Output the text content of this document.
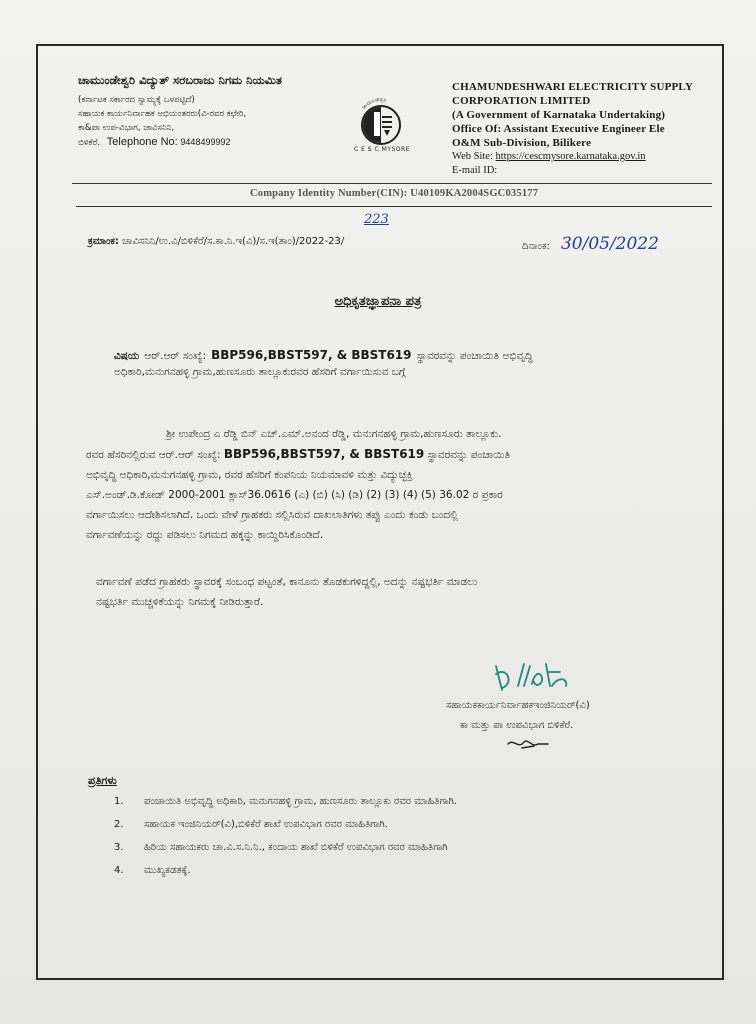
ಚಾಮುಂಡೇಶ್ವರಿ ವಿದ್ಯುತ್ ಸರಬರಾಜು ನಿಗಮ ನಿಯಮಿತ
(ಕರ್ನಾಟಕ ಸರ್ಕಾರದ ಸ್ವಾಮ್ಯಕ್ಕೆ ಒಳಪಟ್ಟಿದೆ)
ಸಹಾಯಕ ಕಾರ್ಯನಿರ್ವಾಹಕ ಅಭಿಯಂತರರು(ವಿ-ರವರ ಕಛೇರಿ,
ಕಾ&ಪಾ ಉಪ-ವಿಭಾಗ, ಚಾವಿಸನಿನಿ,
ಬಿಳಿಕೆರೆ. Telephone No: 9448499992
ಚಾಮುಂಡೇಶ್ವರಿ
C E S C MYSORE
CHAMUNDESHWARI ELECTRICITY SUPPLY
CORPORATION LIMITED
(A Government of Karnataka Undertaking)
Office Of: Assistant Executive Engineer Ele
O&M Sub-Division, Bilikere
Web Site: https://cescmysore.karnataka.gov.in
E-mail ID:
Company Identity Number(CIN): U40109KA2004SGC035177
223
ಕ್ರಮಾಂಕ: ಚಾವಿಸನಿನಿ/ಉ.ವಿ/ಬಿಳಿಕೆರೆ/ಸ.ಕಾ.ನಿ.ಇ(ವಿ)/ಸ.ಇ(ತಾಂ)/2022-23/	ದಿನಾಂಕ: 30/05/2022
ಅಧಿಕೃತಜ್ಞಾಪನಾ ಪತ್ರ
ವಿಷಯ ಆರ್.ಆರ್ ಸಂಖ್ಯೆ: BBP596,BBST597, & BBST619 ಸ್ಥಾವರವನ್ನು ಪಂಚಾಯಿತಿ ಅಭಿವೃದ್ಧಿ
ಅಧಿಕಾರಿ,ಮನುಗನಹಳ್ಳಿ ಗ್ರಾಮ,ಹುಣಸೂರು ತಾಲ್ಲೂಕುರವರ ಹೆಸರಿಗೆ ವರ್ಗಾಯಿಸುವ ಬಗ್ಗೆ
ಶ್ರೀ ಉಪೇಂದ್ರ ಎ ರೆಡ್ಡಿ ಬಿನ್ ಎಚ್.ಎಮ್.ಅನಂದ ರೆಡ್ಡಿ, ಮನುಗನಹಳ್ಳಿ ಗ್ರಾಮ,ಹುಣಸೂರು ತಾಲ್ಲೂಕು.
ರವರ ಹೆಸರಿನಲ್ಲಿರುವ ಆರ್.ಆರ್ ಸಂಖ್ಯೆ: BBP596,BBST597, & BBST619 ಸ್ಥಾವರವನ್ನು ಪಂಚಾಯಿತಿ
ಅಭಿವೃದ್ಧಿ ಅಧಿಕಾರಿ,ಮನುಗನಹಳ್ಳಿ ಗ್ರಾಮ, ರವರ ಹೆಸರಿಗೆ ಕಂಪನಿಯ ನಿಯಮಾವಳಿ ಮತ್ತು ವಿದ್ಯುಚ್ಛಕ್ತಿ
ಎಸ್.ಅಂಡ್.ಡಿ.ಕೋಡ್ 2000-2001 ಕ್ಲಾಸ್36.0616 (ಎ) (ಬಿ) (ಸಿ) (ಡಿ) (2) (3) (4) (5) 36.02 ರ ಪ್ರಕಾರ
ವರ್ಗಾಯಿಸಲು ಆದೇಶಿಸಲಾಗಿದೆ. ಒಂದು ವೇಳೆ ಗ್ರಾಹಕರು ಸಲ್ಲಿಸಿರುವ ದಾಖಲಾತಿಗಳು ತಪ್ಪು ಎಂದು ಕಂಡು ಬಂದಲ್ಲಿ
ವರ್ಗಾವಣೆಯನ್ನು ರದ್ದು ಪಡಿಸಲು ನಿಗಮದ ಹಕ್ಕನ್ನು ಕಾಯ್ದಿರಿಸಿಕೊಂಡಿದೆ.
ವರ್ಗಾವಣೆ ಪಡೆದ ಗ್ರಾಹಕರು ಸ್ಥಾವರಕ್ಕೆ ಸಂಬಂಧ ಪಟ್ಟಂತೆ, ಕಾನೂನು ತೊಡಕುಗಳಿದ್ದಲ್ಲಿ, ಅದನ್ನು ನಷ್ಟಭರ್ತಿ ಮಾಡಲು
ನಷ್ಟಭರ್ತಿ ಮುಚ್ಚಳಿಕೆಯನ್ನು ನಿಗಮಕ್ಕೆ ನೀಡಿರುತ್ತಾರೆ.
ಸಹಾಯಕಕಾರ್ಯನಿರ್ವಾಹಕಇಂಜಿನಿಯರ್(ವಿ)
ಕಾ ಮತ್ತು ಪಾ ಉಪವಿಭಾಗ ಬಿಳಿಕೆರೆ.
ಪ್ರತಿಗಳು
1. ಪಂಚಾಯಿತಿ ಅಭಿವೃದ್ಧಿ ಅಧಿಕಾರಿ, ಮನುಗನಹಳ್ಳಿ ಗ್ರಾಮ, ಹುಣಸೂರು ತಾಲ್ಲೂಕು ರವರ ಮಾಹಿತಿಗಾಗಿ.
2. ಸಹಾಯಕ ಇಂಜಿನಿಯರ್(ವಿ),ಬಿಳಿಕೆರೆ ಶಾಖೆ ಉಪವಿಭಾಗ ರವರ ಮಾಹಿತಿಗಾಗಿ.
3. ಹಿರಿಯ ಸಹಾಯಕರು ಚಾ.ವಿ.ಸ.ನಿ.ನಿ., ಕಂದಾಯ ಶಾಖೆ ಬಿಳಿಕೆರೆ ಉಪವಿಭಾಗ ರವರ ಮಾಹಿತಿಗಾಗಿ
4. ಮುಖ್ಯಕಡತಕ್ಕೆ.
